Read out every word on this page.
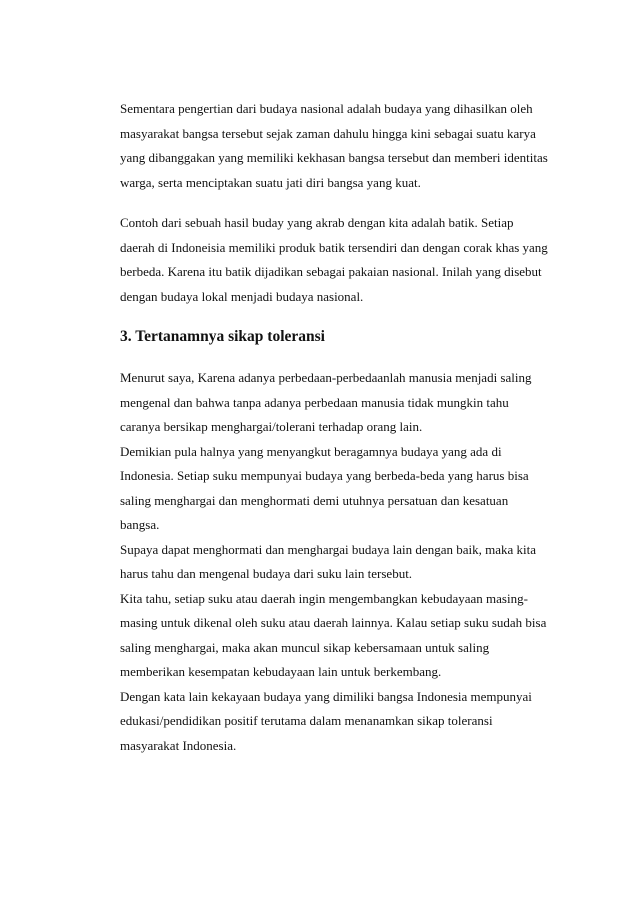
Sementara pengertian dari budaya nasional adalah budaya yang dihasilkan oleh

masyarakat bangsa tersebut sejak zaman dahulu hingga kini sebagai suatu karya

yang dibanggakan yang memiliki kekhasan bangsa tersebut dan memberi identitas

warga, serta menciptakan suatu jati diri bangsa yang kuat.

Contoh dari sebuah hasil buday yang akrab dengan kita adalah batik. Setiap

daerah di Indoneisia memiliki produk batik tersendiri dan dengan corak khas yang

berbeda. Karena itu batik dijadikan sebagai pakaian nasional. Inilah yang disebut

dengan budaya lokal menjadi budaya nasional.

3. Tertanamnya sikap toleransi

Menurut saya, Karena adanya perbedaan-perbedaanlah manusia menjadi saling

mengenal dan bahwa tanpa adanya perbedaan manusia tidak mungkin tahu

caranya bersikap menghargai/tolerani terhadap orang lain.

Demikian pula halnya yang menyangkut beragamnya budaya yang ada di

Indonesia. Setiap suku mempunyai budaya yang berbeda-beda yang harus bisa

saling menghargai dan menghormati demi utuhnya persatuan dan kesatuan

bangsa.

Supaya dapat menghormati dan menghargai budaya lain dengan baik, maka kita

harus tahu dan mengenal budaya dari suku lain tersebut.

Kita tahu, setiap suku atau daerah ingin mengembangkan kebudayaan masing-

masing untuk dikenal oleh suku atau daerah lainnya. Kalau setiap suku sudah bisa

saling menghargai, maka akan muncul sikap kebersamaan untuk saling

memberikan kesempatan kebudayaan lain untuk berkembang.

Dengan kata lain kekayaan budaya yang dimiliki bangsa Indonesia mempunyai

edukasi/pendidikan positif terutama dalam menanamkan sikap toleransi

masyarakat Indonesia.
